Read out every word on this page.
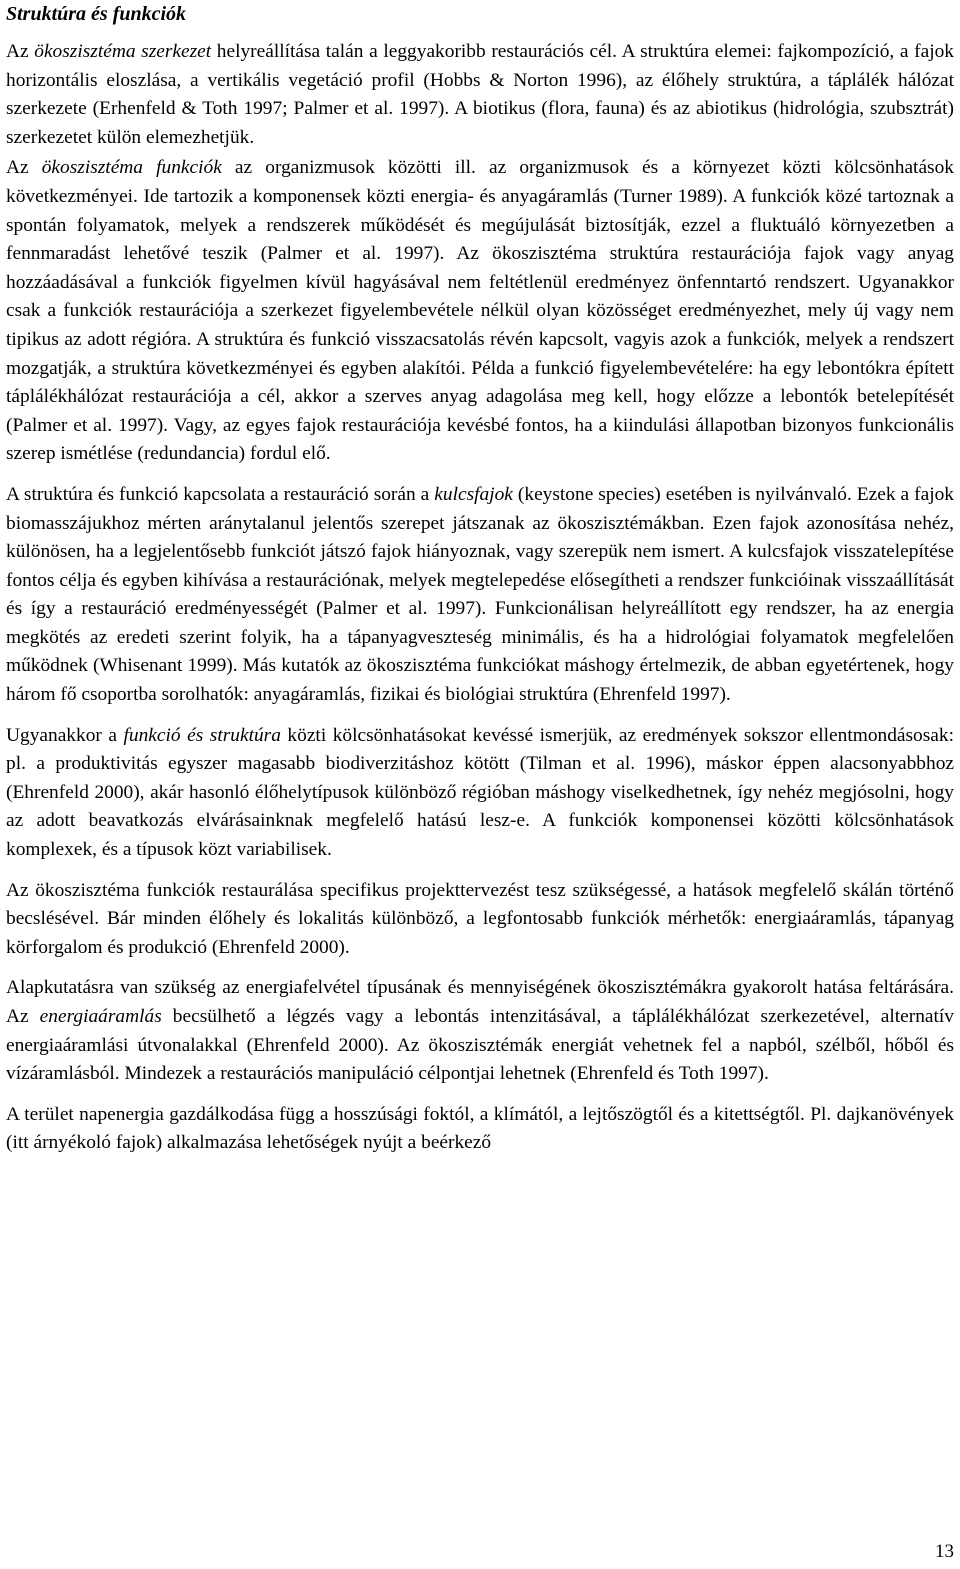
Struktúra és funkciók

Az ökoszisztéma szerkezet helyreállítása talán a leggyakoribb restaurációs cél. A struktúra elemei: fajkompozíció, a fajok horizontális eloszlása, a vertikális vegetáció profil (Hobbs & Norton 1996), az élőhely struktúra, a táplálék hálózat szerkezete (Erhenfeld & Toth 1997; Palmer et al. 1997). A biotikus (flora, fauna) és az abiotikus (hidrológia, szubsztrát) szerkezetet külön elemezhetjük.

Az ökoszisztéma funkciók az organizmusok közötti ill. az organizmusok és a környezet közti kölcsönhatások következményei. Ide tartozik a komponensek közti energia- és anyagáramlás (Turner 1989). A funkciók közé tartoznak a spontán folyamatok, melyek a rendszerek működését és megújulását biztosítják, ezzel a fluktuáló környezetben a fennmaradást lehetővé teszik (Palmer et al. 1997). Az ökoszisztéma struktúra restaurációja fajok vagy anyag hozzáadásával a funkciók figyelmen kívül hagyásával nem feltétlenül eredményez önfenntartó rendszert. Ugyanakkor csak a funkciók restaurációja a szerkezet figyelembevétele nélkül olyan közösséget eredményezhet, mely új vagy nem tipikus az adott régióra. A struktúra és funkció visszacsatolás révén kapcsolt, vagyis azok a funkciók, melyek a rendszert mozgatják, a struktúra következményei és egyben alakítói. Példa a funkció figyelembevételére: ha egy lebontókra épített táplálékhálózat restaurációja a cél, akkor a szerves anyag adagolása meg kell, hogy előzze a lebontók betelepítését (Palmer et al. 1997). Vagy, az egyes fajok restaurációja kevésbé fontos, ha a kiindulási állapotban bizonyos funkcionális szerep ismétlése (redundancia) fordul elő.

A struktúra és funkció kapcsolata a restauráció során a kulcsfajok (keystone species) esetében is nyilvánvaló. Ezek a fajok biomasszájukhoz mérten aránytalanul jelentős szerepet játszanak az ökoszisztémákban. Ezen fajok azonosítása nehéz, különösen, ha a legjelentősebb funkciót játszó fajok hiányoznak, vagy szerepük nem ismert. A kulcsfajok visszatelepítése fontos célja és egyben kihívása a restaurációnak, melyek megtelepedése elősegítheti a rendszer funkcióinak visszaállítását és így a restauráció eredményességét (Palmer et al. 1997). Funkcionálisan helyreállított egy rendszer, ha az energia megkötés az eredeti szerint folyik, ha a tápanyagveszteség minimális, és ha a hidrológiai folyamatok megfelelően működnek (Whisenant 1999). Más kutatók az ökoszisztéma funkciókat máshogy értelmezik, de abban egyetértenek, hogy három fő csoportba sorolhatók: anyagáramlás, fizikai és biológiai struktúra (Ehrenfeld 1997).

Ugyanakkor a funkció és struktúra közti kölcsönhatásokat kevéssé ismerjük, az eredmények sokszor ellentmondásosak: pl. a produktivitás egyszer magasabb biodiverzitáshoz kötött (Tilman et al. 1996), máskor éppen alacsonyabbhoz (Ehrenfeld 2000), akár hasonló élőhelytípusok különböző régióban máshogy viselkedhetnek, így nehéz megjósolni, hogy az adott beavatkozás elvárásainknak megfelelő hatású lesz-e. A funkciók komponensei közötti kölcsönhatások komplexek, és a típusok közt variabilisek.

Az ökoszisztéma funkciók restaurálása specifikus projekttervezést tesz szükségessé, a hatások megfelelő skálán történő becslésével. Bár minden élőhely és lokalitás különböző, a legfontosabb funkciók mérhetők: energiaáramlás, tápanyag körforgalom és produkció (Ehrenfeld 2000).

Alapkutatásra van szükség az energiafelvétel típusának és mennyiségének ökoszisztémákra gyakorolt hatása feltárására. Az energiaáramlás becsülhető a légzés vagy a lebontás intenzitásával, a táplálékhálózat szerkezetével, alternatív energiaáramlási útvonalakkal (Ehrenfeld 2000). Az ökoszisztémák energiát vehetnek fel a napból, szélből, hőből és vízáramlásból. Mindezek a restaurációs manipuláció célpontjai lehetnek (Ehrenfeld és Toth 1997).

A terület napenergia gazdálkodása függ a hosszúsági foktól, a klímától, a lejtőszögtől és a kitettségtől. Pl. dajkanövények (itt árnyékoló fajok) alkalmazása lehetőségek nyújt a beérkező

13
